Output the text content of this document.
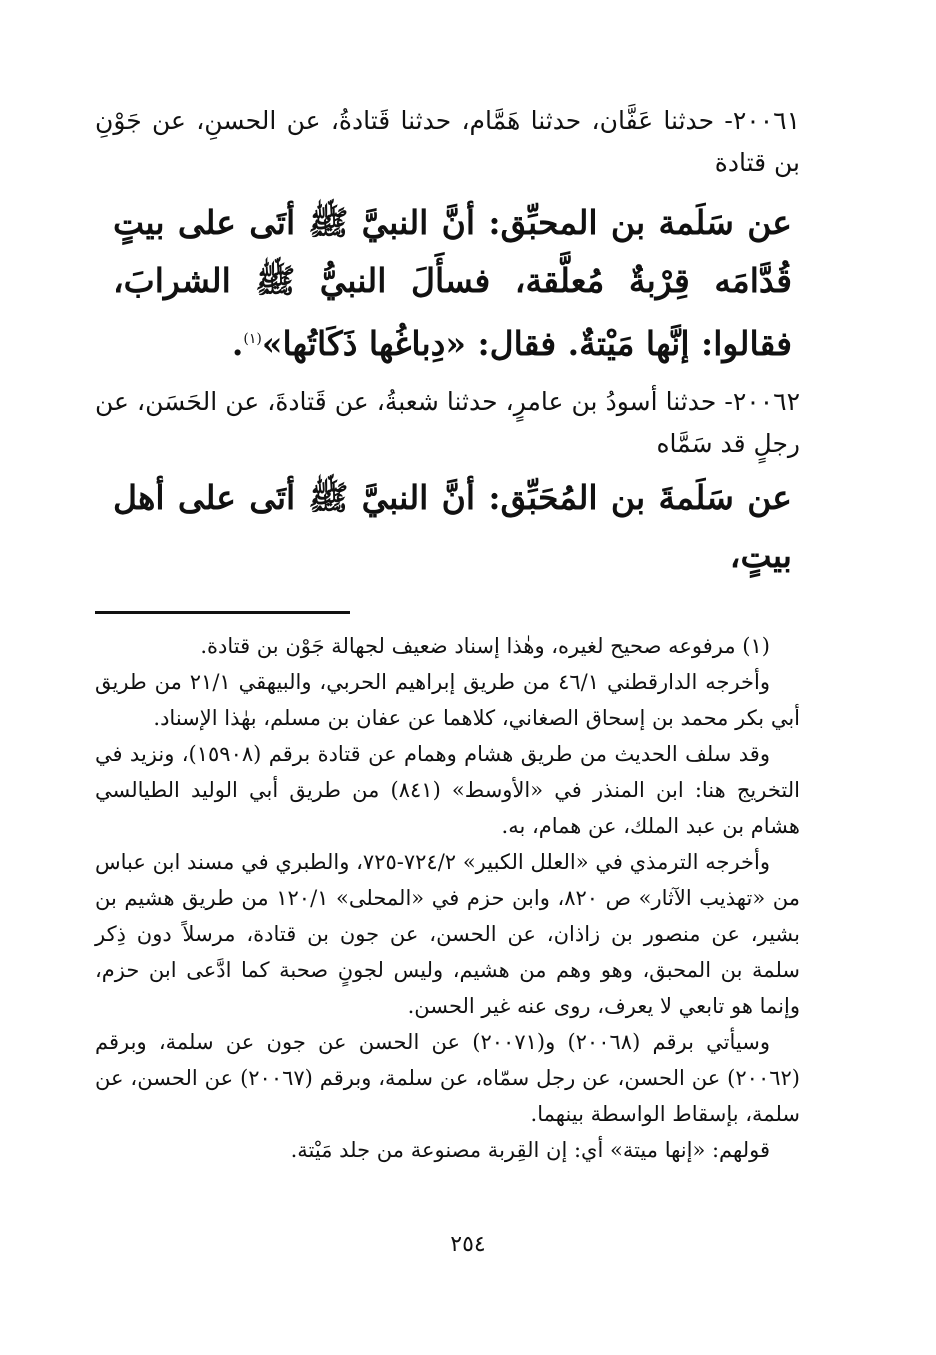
٢٠٠٦١- حدثنا عَفَّان، حدثنا هَمَّام، حدثنا قَتادةُ، عن الحسنِ، عن جَوْنِ بن قتادة

عن سَلَمة بن المحبِّق: أنَّ النبيَّ ﷺ أتَى على بيتٍ قُدَّامَه قِرْبةٌ مُعلَّقة، فسأَلَ النبيُّ ﷺ الشرابَ، فقالوا: إنَّها مَيْتةٌ. فقال: «دِباغُها ذَكَاتُها»$^{(١)}$.

٢٠٠٦٢- حدثنا أسودُ بن عامرٍ، حدثنا شعبةُ، عن قَتادةَ، عن الحَسَن، عن رجلٍ قد سَمَّاه

عن سَلَمةَ بن المُحَبِّق: أنَّ النبيَّ ﷺ أتَى على أهل بيتٍ،

(١) مرفوعه صحيح لغيره، وهٰذا إسناد ضعيف لجهالة جَوْن بن قتادة.

وأخرجه الدارقطني ٤٦/١ من طريق إبراهيم الحربي، والبيهقي ٢١/١ من طريق أبي بكر محمد بن إسحاق الصغاني، كلاهما عن عفان بن مسلم، بهٰذا الإسناد.

وقد سلف الحديث من طريق هشام وهمام عن قتادة برقم (١٥٩٠٨)، ونزيد في التخريج هنا: ابن المنذر في «الأوسط» (٨٤١) من طريق أبي الوليد الطيالسي هشام بن عبد الملك، عن همام، به.

وأخرجه الترمذي في «العلل الكبير» ٧٢٤/٢-٧٢٥، والطبري في مسند ابن عباس من «تهذيب الآثار» ص ٨٢٠، وابن حزم في «المحلى» ١٢٠/١ من طريق هشيم بن بشير، عن منصور بن زاذان، عن الحسن، عن جون بن قتادة، مرسلاً دون ذِكر سلمة بن المحبق، وهو وهم من هشيم، وليس لجونٍ صحبة كما ادَّعى ابن حزم، وإنما هو تابعي لا يعرف، روى عنه غير الحسن.

وسيأتي برقم (٢٠٠٦٨) و(٢٠٠٧١) عن الحسن عن جون عن سلمة، وبرقم (٢٠٠٦٢) عن الحسن، عن رجل سمّاه، عن سلمة، وبرقم (٢٠٠٦٧) عن الحسن، عن سلمة، بإسقاط الواسطة بينهما.

قولهم: «إنها ميتة» أي: إن القِربة مصنوعة من جلد مَيْتة.

٢٥٤
